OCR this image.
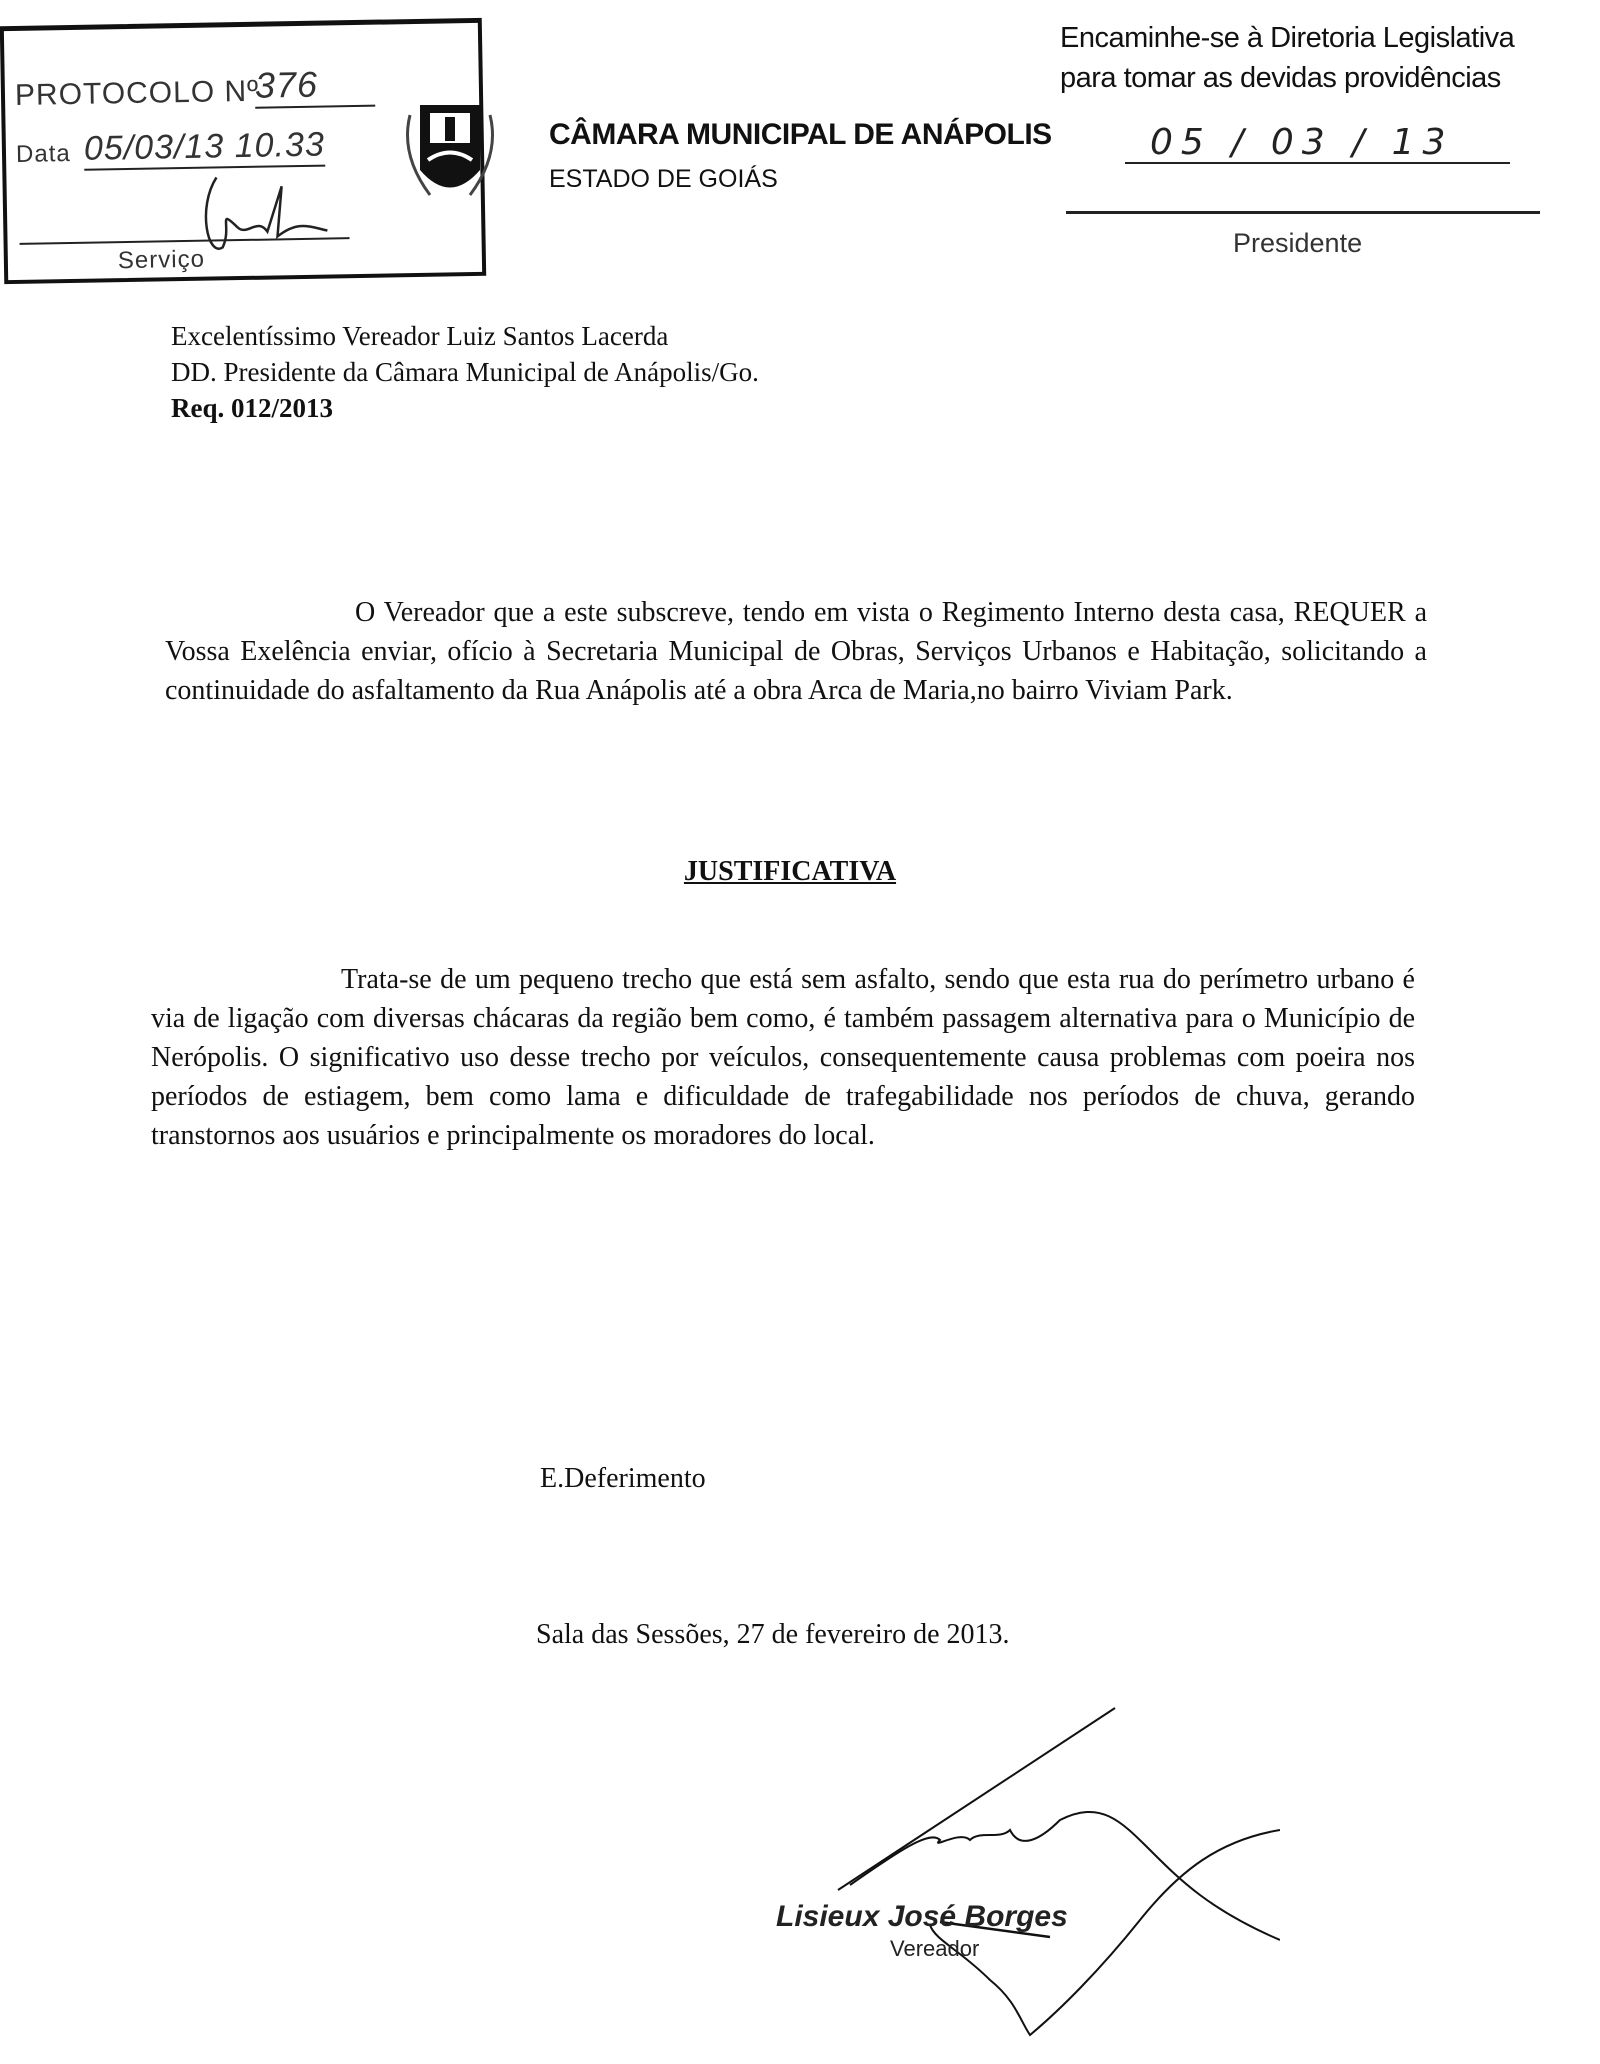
PROTOCOLO Nº
376
Data 05/03/13 10.33
Serviço
CÂMARA MUNICIPAL DE ANÁPOLIS
ESTADO DE GOIÁS
Encaminhe-se à Diretoria Legislativa
para tomar as devidas providências
05 / 03 / 13
Presidente
Excelentíssimo Vereador Luiz Santos Lacerda
DD. Presidente da Câmara Municipal de Anápolis/Go.
Req. 012/2013
O Vereador que a este subscreve, tendo em vista o Regimento Interno desta casa, REQUER a Vossa Exelência enviar, ofício à Secretaria Municipal de Obras, Serviços Urbanos e Habitação, solicitando a continuidade do asfaltamento da Rua Anápolis até a obra Arca de Maria,no bairro Viviam Park.
JUSTIFICATIVA
Trata-se de um pequeno trecho que está sem asfalto, sendo que esta rua do perímetro urbano é via de ligação com diversas chácaras da região bem como, é também passagem alternativa para o Município de Nerópolis. O significativo uso desse trecho por veículos, consequentemente causa problemas com poeira nos períodos de estiagem, bem como lama e dificuldade de trafegabilidade nos períodos de chuva, gerando transtornos aos usuários e principalmente os moradores do local.
E.Deferimento
Sala das Sessões, 27 de fevereiro de 2013.
Lisieux José Borges
Vereador
